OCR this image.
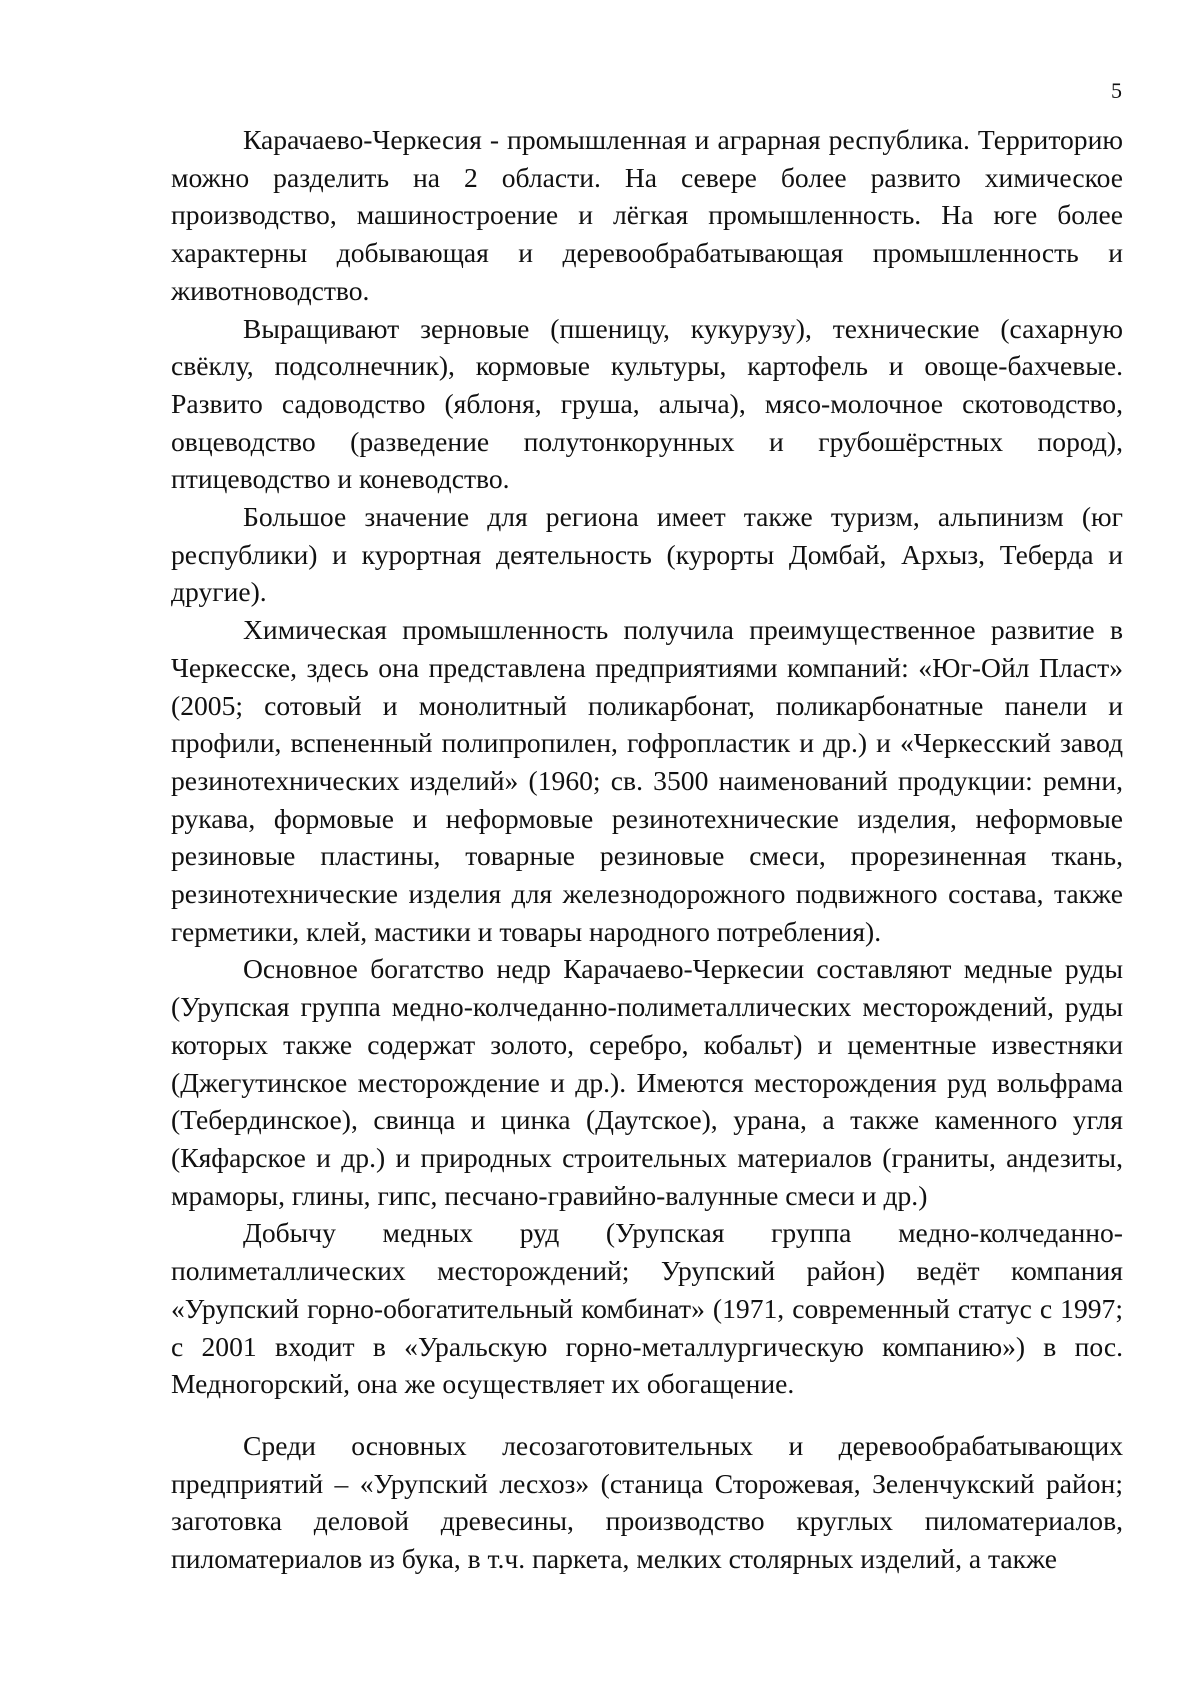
5

Карачаево-Черкесия - промышленная и аграрная республика. Территорию можно разделить на 2 области. На севере более развито химическое производство, машиностроение и лёгкая промышленность. На юге более характерны добывающая и деревообрабатывающая промышленность и животноводство.

Выращивают зерновые (пшеницу, кукурузу), технические (сахарную свёклу, подсолнечник), кормовые культуры, картофель и овоще-бахчевые. Развито садоводство (яблоня, груша, алыча), мясо-молочное скотоводство, овцеводство (разведение полутонкорунных и грубошёрстных пород), птицеводство и коневодство.

Большое значение для региона имеет также туризм, альпинизм (юг республики) и курортная деятельность (курорты Домбай, Архыз, Теберда и другие).

Химическая промышленность получила преимущественное развитие в Черкесске, здесь она представлена предприятиями компаний: «Юг-Ойл Пласт» (2005; сотовый и монолитный поликарбонат, поликарбонатные панели и профили, вспененный полипропилен, гофропластик и др.) и «Черкесский завод резинотехнических изделий» (1960; св. 3500 наименований продукции: ремни, рукава, формовые и неформовые резинотехнические изделия, неформовые резиновые пластины, товарные резиновые смеси, прорезиненная ткань, резинотехнические изделия для железнодорожного подвижного состава, также герметики, клей, мастики и товары народного потребления).

Основное богатство недр Карачаево-Черкесии составляют медные руды (Урупская группа медно-колчеданно-полиметаллических месторождений, руды которых также содержат золото, серебро, кобальт) и цементные известняки (Джегутинское месторождение и др.). Имеются месторождения руд вольфрама (Тебердинское), свинца и цинка (Даутское), урана, а также каменного угля (Кяфарское и др.) и природных строительных материалов (граниты, андезиты, мраморы, глины, гипс, песчано-гравийно-валунные смеси и др.)

Добычу медных руд (Урупская группа медно-колчеданно-полиметаллических месторождений; Урупский район) ведёт компания «Урупский горно-обогатительный комбинат» (1971, современный статус с 1997; с 2001 входит в «Уральскую горно-металлургическую компанию») в пос. Медногорский, она же осуществляет их обогащение.

Среди основных лесозаготовительных и деревообрабатывающих предприятий – «Урупский лесхоз» (станица Сторожевая, Зеленчукский район; заготовка деловой древесины, производство круглых пиломатериалов, пиломатериалов из бука, в т.ч. паркета, мелких столярных изделий, а также
